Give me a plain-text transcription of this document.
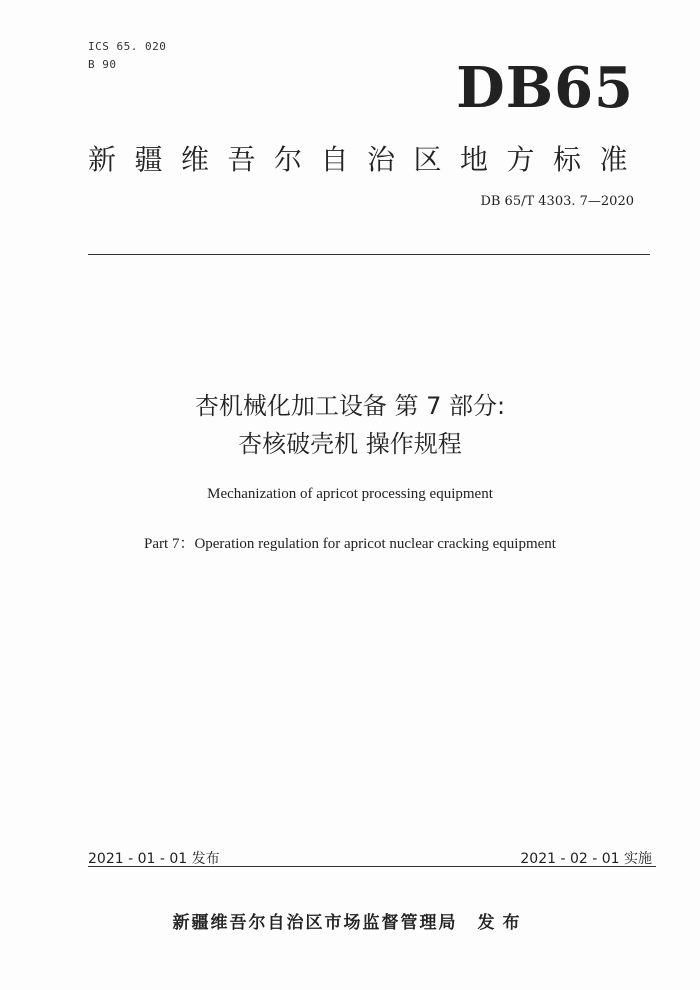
ICS 65. 020
B 90	DB65
新疆维吾尔自治区地方标准
DB 65/T 4303. 7—2020
杏机械化加工设备 第 7 部分:
杏核破壳机 操作规程
Mechanization of apricot processing equipment
Part 7：Operation regulation for apricot nuclear cracking equipment
2021 - 01 - 01 发布	2021 - 02 - 01 实施
新疆维吾尔自治区市场监督管理局 发布
